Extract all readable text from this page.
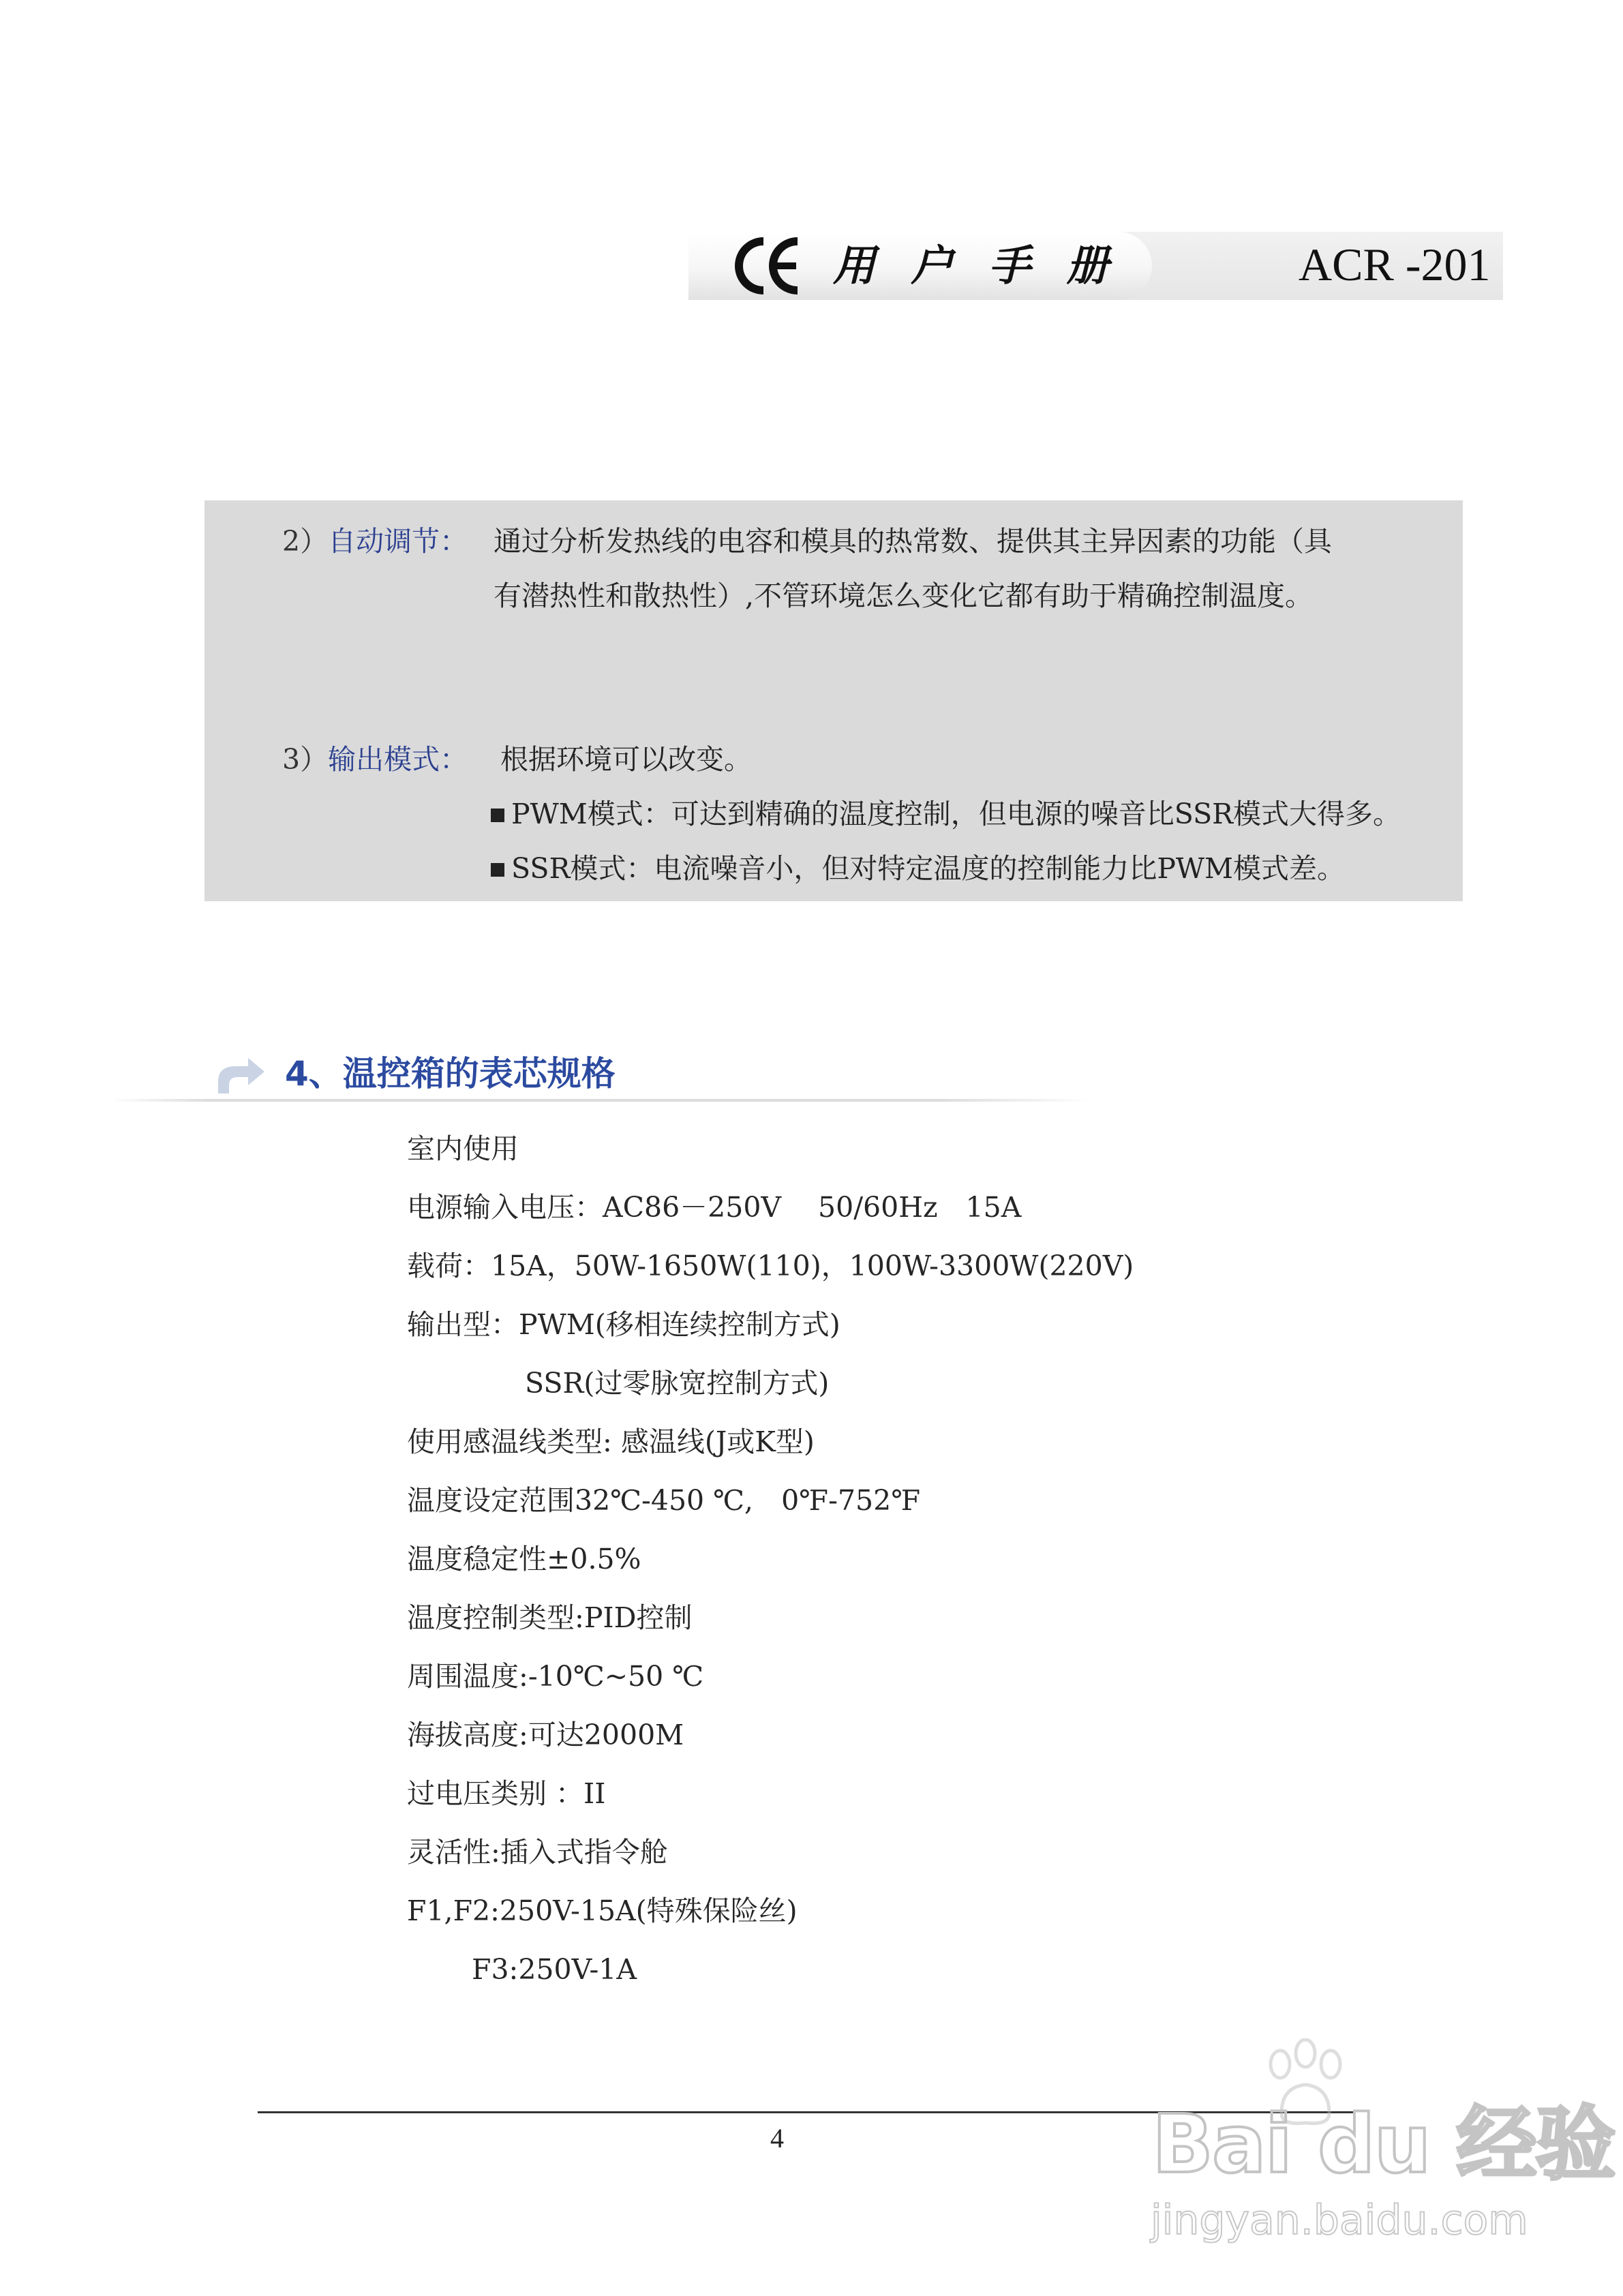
用户手册	ACR -201
2）自动调节： 通过分析发热线的电容和模具的热常数、提供其主异因素的功能（具
有潜热性和散热性）,不管环境怎么变化它都有助于精确控制温度。
3）输出模式： 根据环境可以改变。
PWM模式：可达到精确的温度控制，但电源的噪音比SSR模式大得多。
SSR模式：电流噪音小，但对特定温度的控制能力比PWM模式差。
4、温控箱的表芯规格
室内使用
电源输入电压：AC86－250V　 50/60Hz　15A
载荷：15A，50W-1650W(110)，100W-3300W(220V)
输出型：PWM(移相连续控制方式)
SSR(过零脉宽控制方式)
使用感温线类型: 感温线(J或K型)
温度设定范围32℃-450 ℃,　0℉-752℉
温度稳定性±0.5%
温度控制类型:PID控制
周围温度:-10℃~50 ℃
海拔高度:可达2000M
过电压类别 ：II
灵活性:插入式指令舱
F1,F2:250V-15A(特殊保险丝)
F3:250V-1A
4	Bai du 经验
jingyan.baidu.com
